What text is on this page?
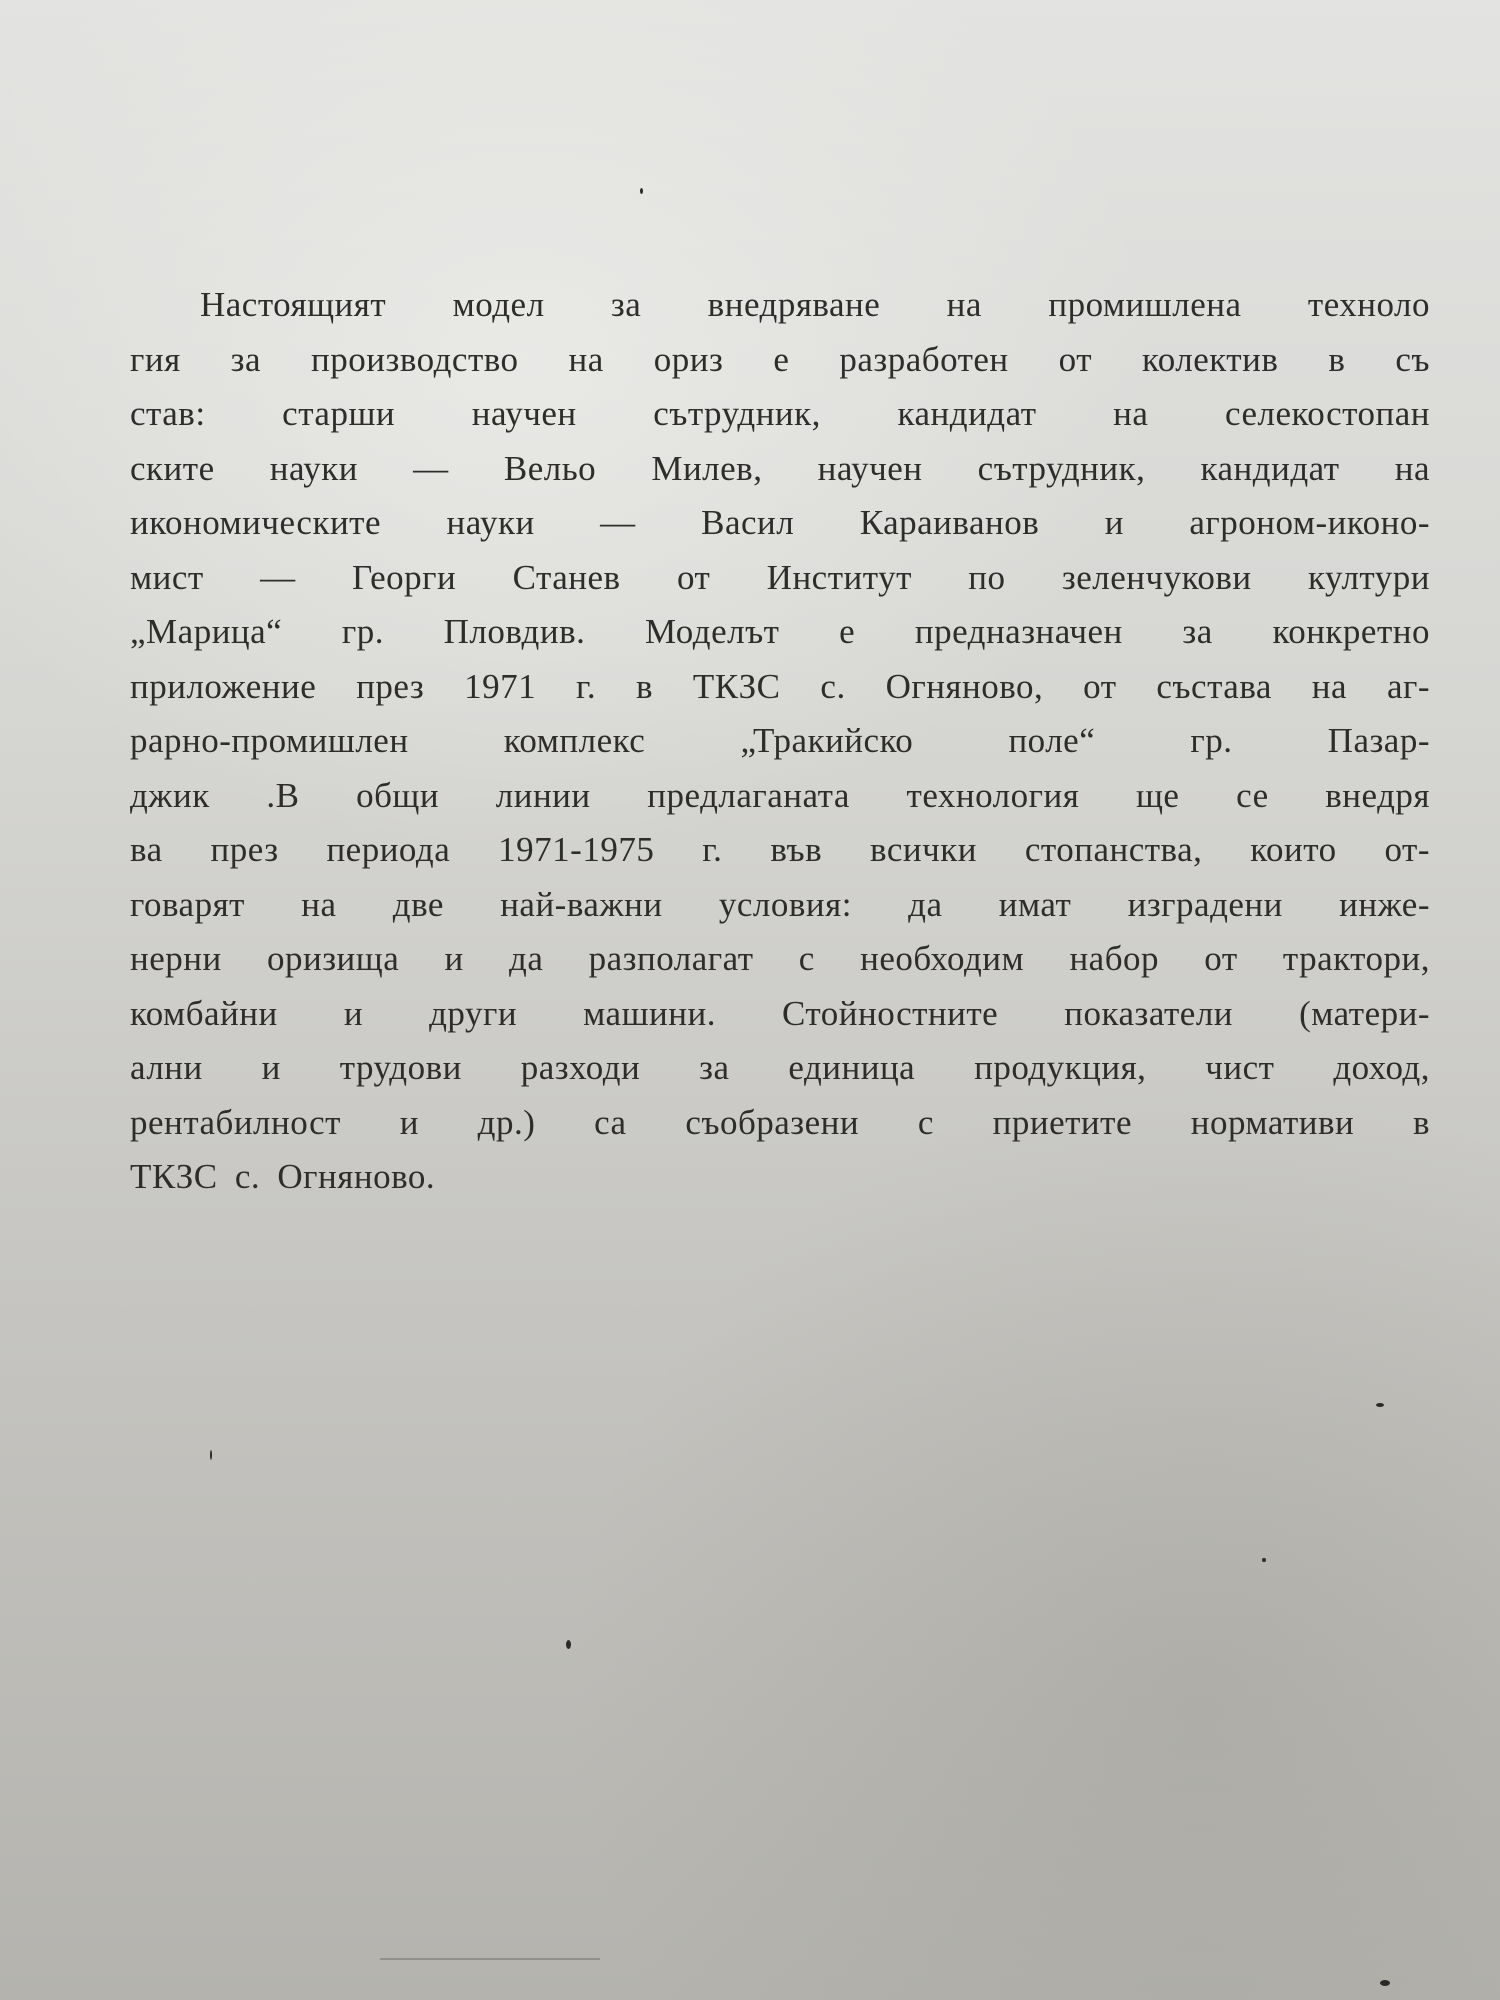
Настоящият модел за внедряване на промишлена техноло
гия за производство на ориз е разработен от колектив в съ
став: старши научен сътрудник, кандидат на селекостопан
ските науки — Вельо Милев, научен сътрудник, кандидат на
икономическите науки — Васил Караиванов и агроном-иконо-
мист — Георги Станев от Институт по зеленчукови култури
„Марица“ гр. Пловдив. Моделът е предназначен за конкретно
приложение през 1971 г. в ТКЗС с. Огняново, от състава на аг-
рарно-промишлен комплекс „Тракийско поле“ гр. Пазар-
джик .В общи линии предлаганата технология ще се внедря
ва през периода 1971-1975 г. във всички стопанства, които от-
говарят на две най-важни условия: да имат изградени инже-
нерни оризища и да разполагат с необходим набор от трактори,
комбайни и други машини. Стойностните показатели (матери-
ални и трудови разходи за единица продукция, чист доход,
рентабилност и др.) са съобразени с приетите нормативи в
ТКЗС с. Огняново.
